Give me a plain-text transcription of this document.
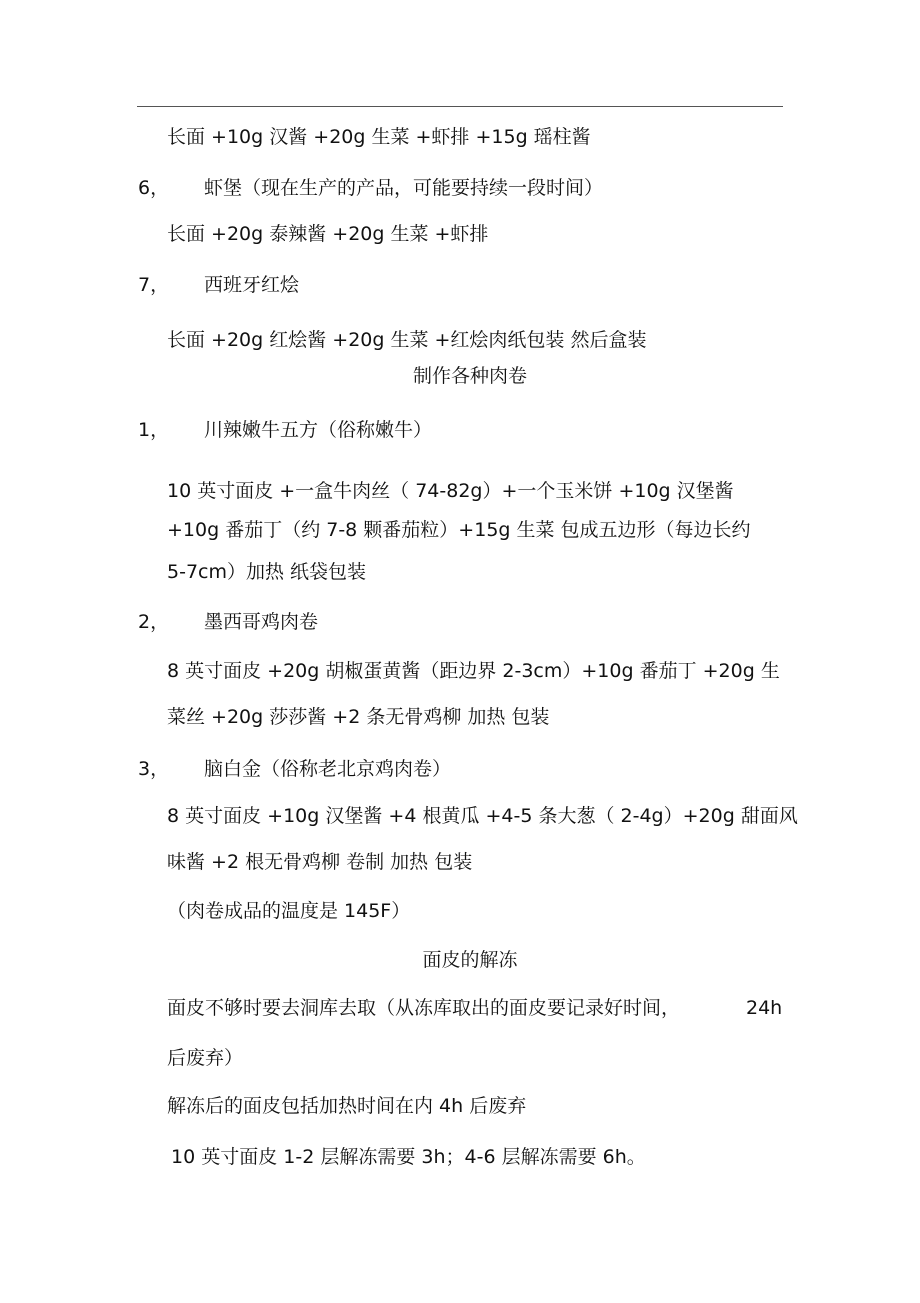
长面 +10g 汉酱 +20g 生菜 +虾排 +15g 瑶柱酱
6， 虾堡（现在生产的产品，可能要持续一段时间）
长面 +20g 泰辣酱 +20g 生菜 +虾排
7， 西班牙红烩
长面 +20g 红烩酱 +20g 生菜 +红烩肉纸包装 然后盒装
制作各种肉卷
1， 川辣嫩牛五方（俗称嫩牛）
10 英寸面皮 +一盒牛肉丝（ 74-82g）+一个玉米饼 +10g 汉堡酱
+10g 番茄丁（约 7-8 颗番茄粒）+15g 生菜 包成五边形（每边长约
5-7cm）加热 纸袋包装
2， 墨西哥鸡肉卷
8 英寸面皮 +20g 胡椒蛋黄酱（距边界 2-3cm）+10g 番茄丁 +20g 生
菜丝 +20g 莎莎酱 +2 条无骨鸡柳 加热 包装
3， 脑白金（俗称老北京鸡肉卷）
8 英寸面皮 +10g 汉堡酱 +4 根黄瓜 +4-5 条大葱（ 2-4g）+20g 甜面风
味酱 +2 根无骨鸡柳 卷制 加热 包装
（肉卷成品的温度是 145F）
面皮的解冻
面皮不够时要去洞库去取（从冻库取出的面皮要记录好时间，	24h
后废弃）
解冻后的面皮包括加热时间在内 4h 后废弃
10 英寸面皮 1-2 层解冻需要 3h；4-6 层解冻需要 6h。
